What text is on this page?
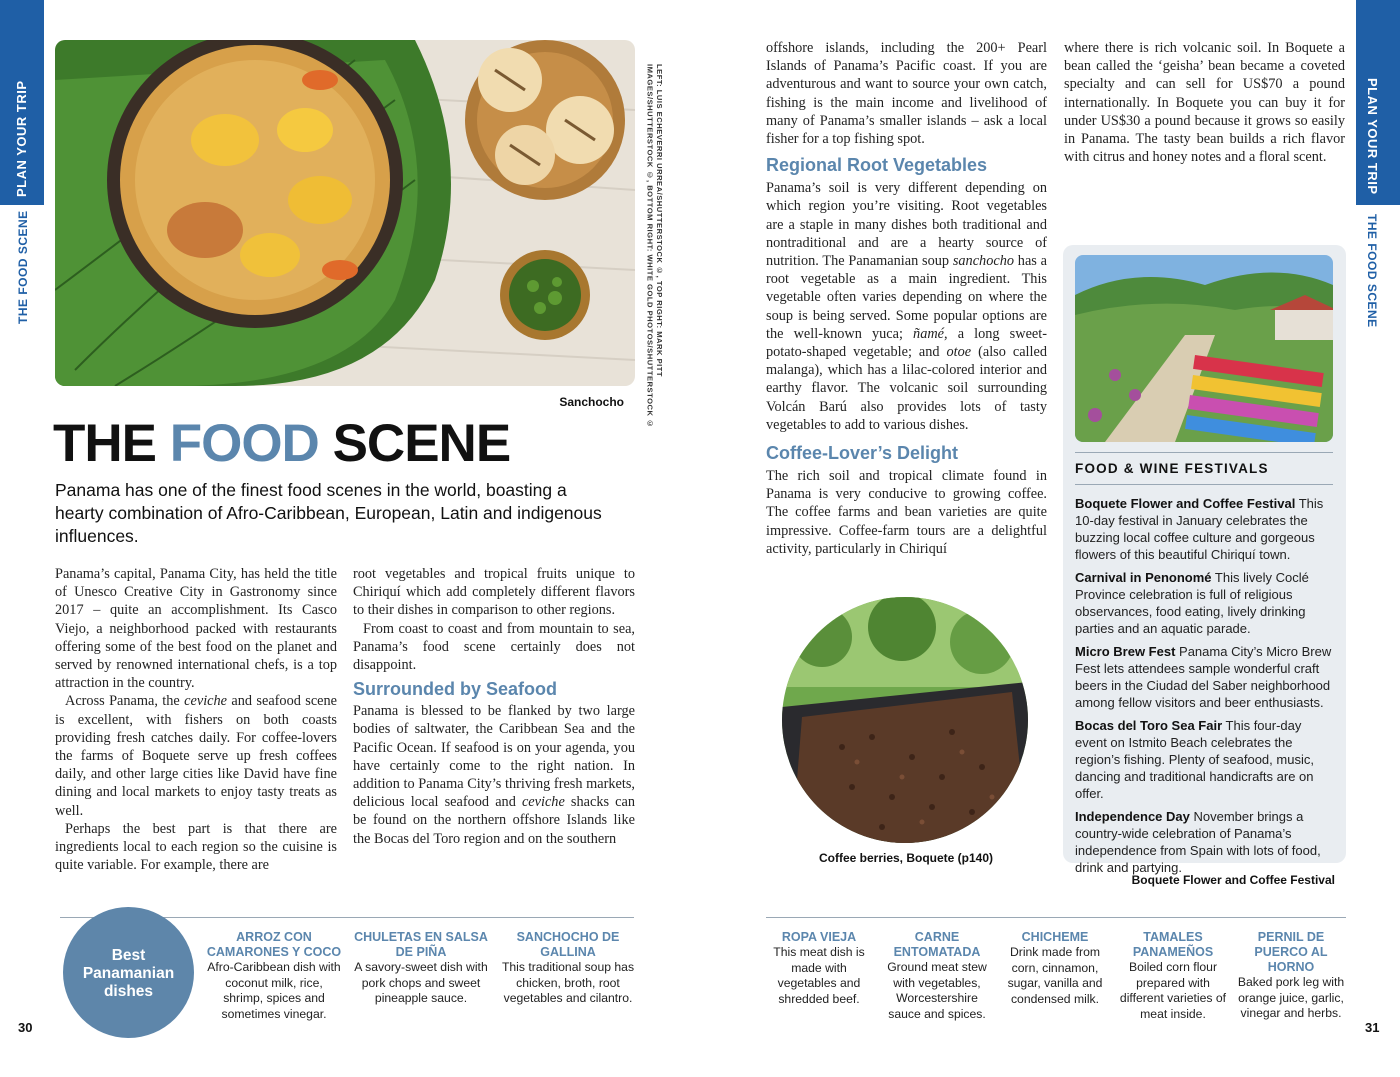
PLAN YOUR TRIP
THE FOOD SCENE	LEFT: LUIS ECHEVERRI URREA/SHUTTERSTOCK ©, TOP RIGHT: MARK PITT IMAGES/SHUTTERSTOCK ©, BOTTOM RIGHT: WHITE GOLD PHOTOS/SHUTTERSTOCK ©
Sanchocho
THE FOOD SCENE
Panama has one of the finest food scenes in the world, boasting a hearty combination of Afro-Caribbean, European, Latin and indigenous influences.

Panama’s capital, Panama City, has held the title of Unesco Creative City in Gastronomy since 2017 – quite an accomplishment. Its Casco Viejo, a neighborhood packed with restaurants offering some of the best food on the planet and served by renowned international chefs, is a top attraction in the country.

Across Panama, the ceviche and seafood scene is excellent, with fishers on both coasts providing fresh catches daily. For coffee-lovers the farms of Boquete serve up fresh coffees daily, and other large cities like David have fine dining and local markets to enjoy tasty treats as well.

Perhaps the best part is that there are ingredients local to each region so the cuisine is quite variable. For example, there are

root vegetables and tropical fruits unique to Chiriquí which add completely different flavors to their dishes in comparison to other regions.

From coast to coast and from mountain to sea, Panama’s food scene certainly does not disappoint.

Surrounded by Seafood

Panama is blessed to be flanked by two large bodies of saltwater, the Caribbean Sea and the Pacific Ocean. If seafood is on your agenda, you have certainly come to the right nation. In addition to Panama City’s thriving fresh markets, delicious local seafood and ceviche shacks can be found on the northern offshore Islands like the Bocas del Toro region and on the southern

Best
Panamanian
dishes
ARROZ CON CAMARONES Y COCO
Afro-Caribbean dish with coconut milk, rice, shrimp, spices and sometimes vinegar.
CHULETAS EN SALSA DE PIÑA
A savory-sweet dish with pork chops and sweet pineapple sauce.
SANCHOCHO DE GALLINA
This traditional soup has chicken, broth, root vegetables and cilantro.
30

offshore islands, including the 200+ Pearl Islands of Panama’s Pacific coast. If you are adventurous and want to source your own catch, fishing is the main income and livelihood of many of Panama’s smaller islands – ask a local fisher for a top fishing spot.

Regional Root Vegetables

Panama’s soil is very different depending on which region you’re visiting. Root vegetables are a staple in many dishes both traditional and nontraditional and are a hearty source of nutrition. The Panamanian soup sanchocho has a root vegetable as a main ingredient. This vegetable often varies depending on where the soup is being served. Some popular options are the well-known yuca; ñamé, a long sweet-potato-shaped vegetable; and otoe (also called malanga), which has a lilac-colored interior and earthy flavor. The volcanic soil surrounding Volcán Barú also provides lots of tasty vegetables to add to various dishes.

Coffee-Lover’s Delight

The rich soil and tropical climate found in Panama is very conducive to growing coffee. The coffee farms and bean varieties are quite impressive. Coffee-farm tours are a delightful activity, particularly in Chiriquí

Coffee berries, Boquete (p140)

where there is rich volcanic soil. In Boquete a bean called the ‘geisha’ bean became a coveted specialty and can sell for US$70 a pound internationally. In Boquete you can buy it for under US$30 a pound because it grows so easily in Panama. The tasty bean builds a rich flavor with citrus and honey notes and a floral scent.

FOOD & WINE FESTIVALS
Boquete Flower and Coffee Festival This 10-day festival in January celebrates the buzzing local coffee culture and gorgeous flowers of this beautiful Chiriquí town.
Carnival in Penonomé This lively Coclé Province celebration is full of religious observances, food eating, lively drinking parties and an aquatic parade.
Micro Brew Fest Panama City’s Micro Brew Fest lets attendees sample wonderful craft beers in the Ciudad del Saber neighborhood among fellow visitors and beer enthusiasts.
Bocas del Toro Sea Fair This four-day event on Istmito Beach celebrates the region’s fishing. Plenty of seafood, music, dancing and traditional handicrafts are on offer.
Independence Day November brings a country-wide celebration of Panama’s independence from Spain with lots of food, drink and partying.
Boquete Flower and Coffee Festival
PLAN YOUR TRIP
THE FOOD SCENE
ROPA VIEJA
This meat dish is made with vegetables and shredded beef.
CARNE ENTOMATADA
Ground meat stew with vegetables, Worcestershire sauce and spices.
CHICHEME
Drink made from corn, cinnamon, sugar, vanilla and condensed milk.
TAMALES PANAMEÑOS
Boiled corn flour prepared with different varieties of meat inside.
PERNIL DE PUERCO AL HORNO
Baked pork leg with orange juice, garlic, vinegar and herbs.
31
